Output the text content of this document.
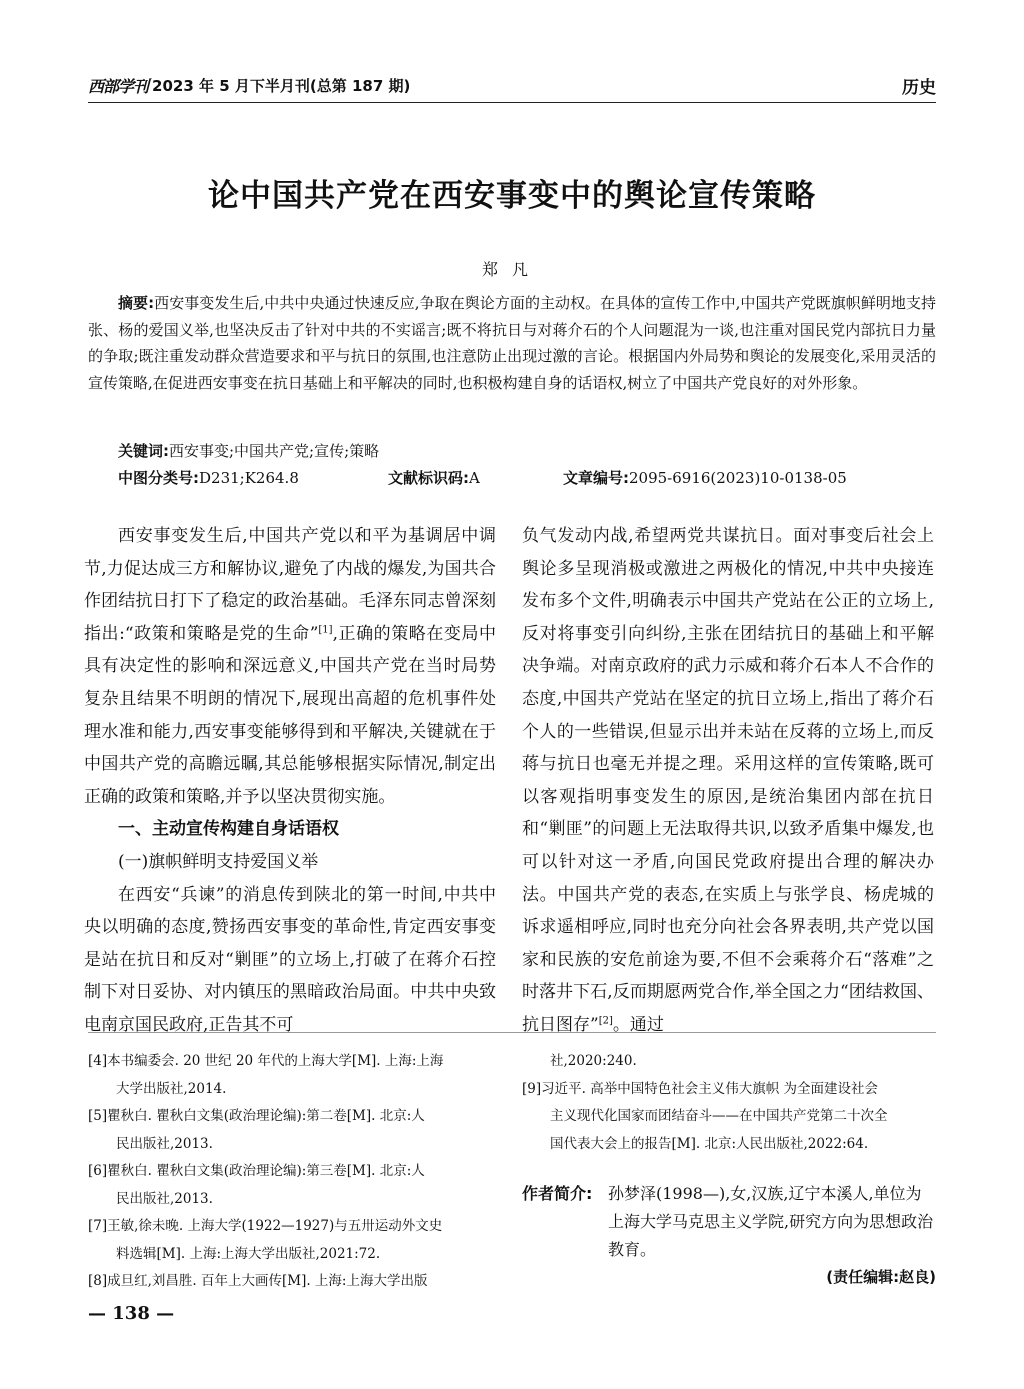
西部学刊 2023 年 5 月下半月刊(总第 187 期)	历史
论中国共产党在西安事变中的舆论宣传策略
郑凡
摘要:西安事变发生后,中共中央通过快速反应,争取在舆论方面的主动权。在具体的宣传工作中,中国共产党既旗帜鲜明地支持张、杨的爱国义举,也坚决反击了针对中共的不实谣言;既不将抗日与对蒋介石的个人问题混为一谈,也注重对国民党内部抗日力量的争取;既注重发动群众营造要求和平与抗日的氛围,也注意防止出现过激的言论。根据国内外局势和舆论的发展变化,采用灵活的宣传策略,在促进西安事变在抗日基础上和平解决的同时,也积极构建自身的话语权,树立了中国共产党良好的对外形象。
关键词:西安事变;中国共产党;宣传;策略
中图分类号:D231;K264.8	文献标识码:A	文章编号:2095-6916(2023)10-0138-05

西安事变发生后,中国共产党以和平为基调居中调节,力促达成三方和解协议,避免了内战的爆发,为国共合作团结抗日打下了稳定的政治基础。毛泽东同志曾深刻指出:“政策和策略是党的生命”[1],正确的策略在变局中具有决定性的影响和深远意义,中国共产党在当时局势复杂且结果不明朗的情况下,展现出高超的危机事件处理水准和能力,西安事变能够得到和平解决,关键就在于中国共产党的高瞻远瞩,其总能够根据实际情况,制定出正确的政策和策略,并予以坚决贯彻实施。

一、主动宣传构建自身话语权

(一)旗帜鲜明支持爱国义举

在西安“兵谏”的消息传到陕北的第一时间,中共中央以明确的态度,赞扬西安事变的革命性,肯定西安事变是站在抗日和反对“剿匪”的立场上,打破了在蒋介石控制下对日妥协、对内镇压的黑暗政治局面。中共中央致电南京国民政府,正告其不可

负气发动内战,希望两党共谋抗日。面对事变后社会上舆论多呈现消极或激进之两极化的情况,中共中央接连发布多个文件,明确表示中国共产党站在公正的立场上,反对将事变引向纠纷,主张在团结抗日的基础上和平解决争端。对南京政府的武力示威和蒋介石本人不合作的态度,中国共产党站在坚定的抗日立场上,指出了蒋介石个人的一些错误,但显示出并未站在反蒋的立场上,而反蒋与抗日也毫无并提之理。采用这样的宣传策略,既可以客观指明事变发生的原因,是统治集团内部在抗日和“剿匪”的问题上无法取得共识,以致矛盾集中爆发,也可以针对这一矛盾,向国民党政府提出合理的解决办法。中国共产党的表态,在实质上与张学良、杨虎城的诉求遥相呼应,同时也充分向社会各界表明,共产党以国家和民族的安危前途为要,不但不会乘蒋介石“落难”之时落井下石,反而期愿两党合作,举全国之力“团结救国、抗日图存”[2]。通过

[4]本书编委会. 20 世纪 20 年代的上海大学[M]. 上海:上海

大学出版社,2014.

[5]瞿秋白. 瞿秋白文集(政治理论编):第二卷[M]. 北京:人

民出版社,2013.

[6]瞿秋白. 瞿秋白文集(政治理论编):第三卷[M]. 北京:人

民出版社,2013.

[7]王敏,徐未晚. 上海大学(1922—1927)与五卅运动外文史

料选辑[M]. 上海:上海大学出版社,2021:72.

[8]成旦红,刘昌胜. 百年上大画传[M]. 上海:上海大学出版

社,2020:240.

[9]习近平. 高举中国特色社会主义伟大旗帜 为全面建设社会

主义现代化国家而团结奋斗——在中国共产党第二十次全

国代表大会上的报告[M]. 北京:人民出版社,2022:64.

作者简介: 孙梦泽(1998—),女,汉族,辽宁本溪人,单位为上海大学马克思主义学院,研究方向为思想政治教育。
(责任编辑:赵良)
— 138 —
